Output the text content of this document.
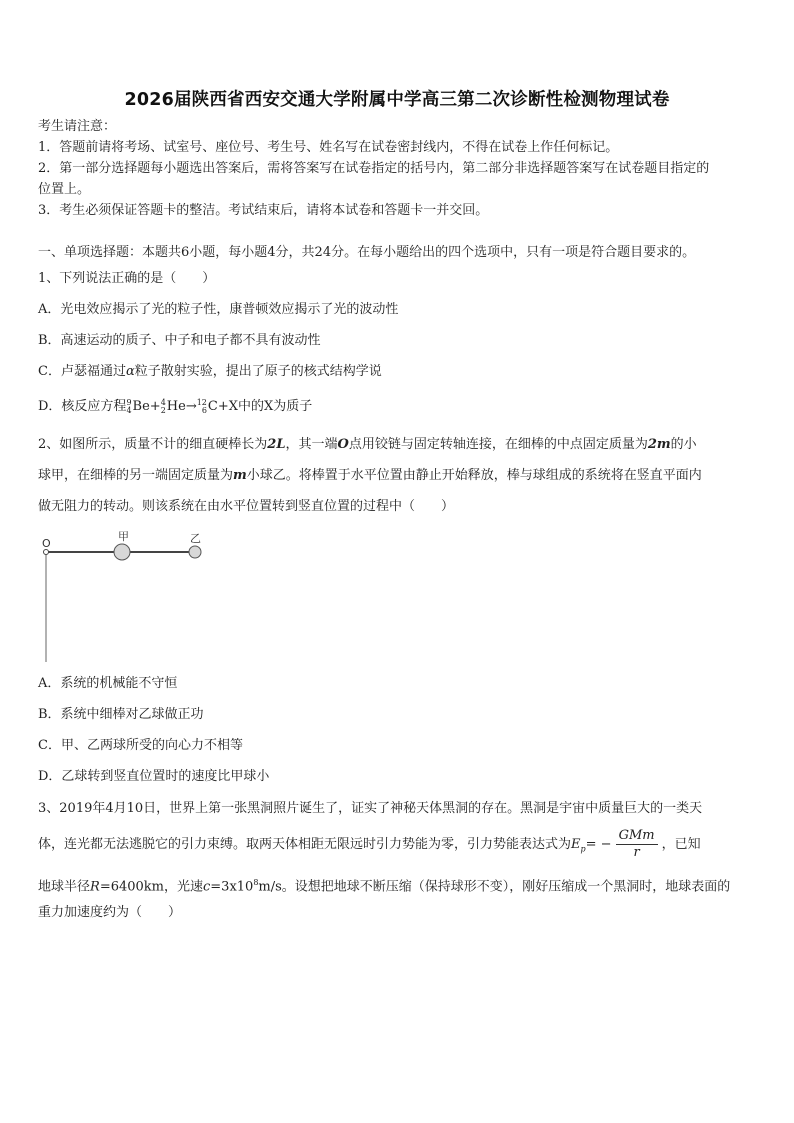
2026届陕西省西安交通大学附属中学高三第二次诊断性检测物理试卷
考生请注意：
1．答题前请将考场、试室号、座位号、考生号、姓名写在试卷密封线内，不得在试卷上作任何标记。
2．第一部分选择题每小题选出答案后，需将答案写在试卷指定的括号内，第二部分非选择题答案写在试卷题目指定的
位置上。
3．考生必须保证答题卡的整洁。考试结束后，请将本试卷和答题卡一并交回。
一、单项选择题：本题共6小题，每小题4分，共24分。在每小题给出的四个选项中，只有一项是符合题目要求的。
1、下列说法正确的是（　　）
A．光电效应揭示了光的粒子性，康普顿效应揭示了光的波动性
B．高速运动的质子、中子和电子都不具有波动性
C．卢瑟福通过α粒子散射实验，提出了原子的核式结构学说
D．核反应方程 9
4 Be+ 4
2 He→ 12
6 C+X中的X为质子
2、如图所示，质量不计的细直硬棒长为2L，其一端O点用铰链与固定转轴连接，在细棒的中点固定质量为2m的小
球甲，在细棒的另一端固定质量为m小球乙。将棒置于水平位置由静止开始释放，棒与球组成的系统将在竖直平面内
做无阻力的转动。则该系统在由水平位置转到竖直位置的过程中（　　）
O
甲	乙
A．系统的机械能不守恒
B．系统中细棒对乙球做正功
C．甲、乙两球所受的向心力不相等
D．乙球转到竖直位置时的速度比甲球小
3、2019年4月10日，世界上第一张黑洞照片诞生了，证实了神秘天体黑洞的存在。黑洞是宇宙中质量巨大的一类天
体，连光都无法逃脱它的引力束缚。取两天体相距无限远时引力势能为零，引力势能表达式为$E_p= - \frac{\text{GMm}}{r}$ ，已知
地球半径R=6400km，光速$c=3x10^8m/s$。设想把地球不断压缩（保持球形不变），刚好压缩成一个黑洞时，地球表面的
重力加速度约为（　　）
